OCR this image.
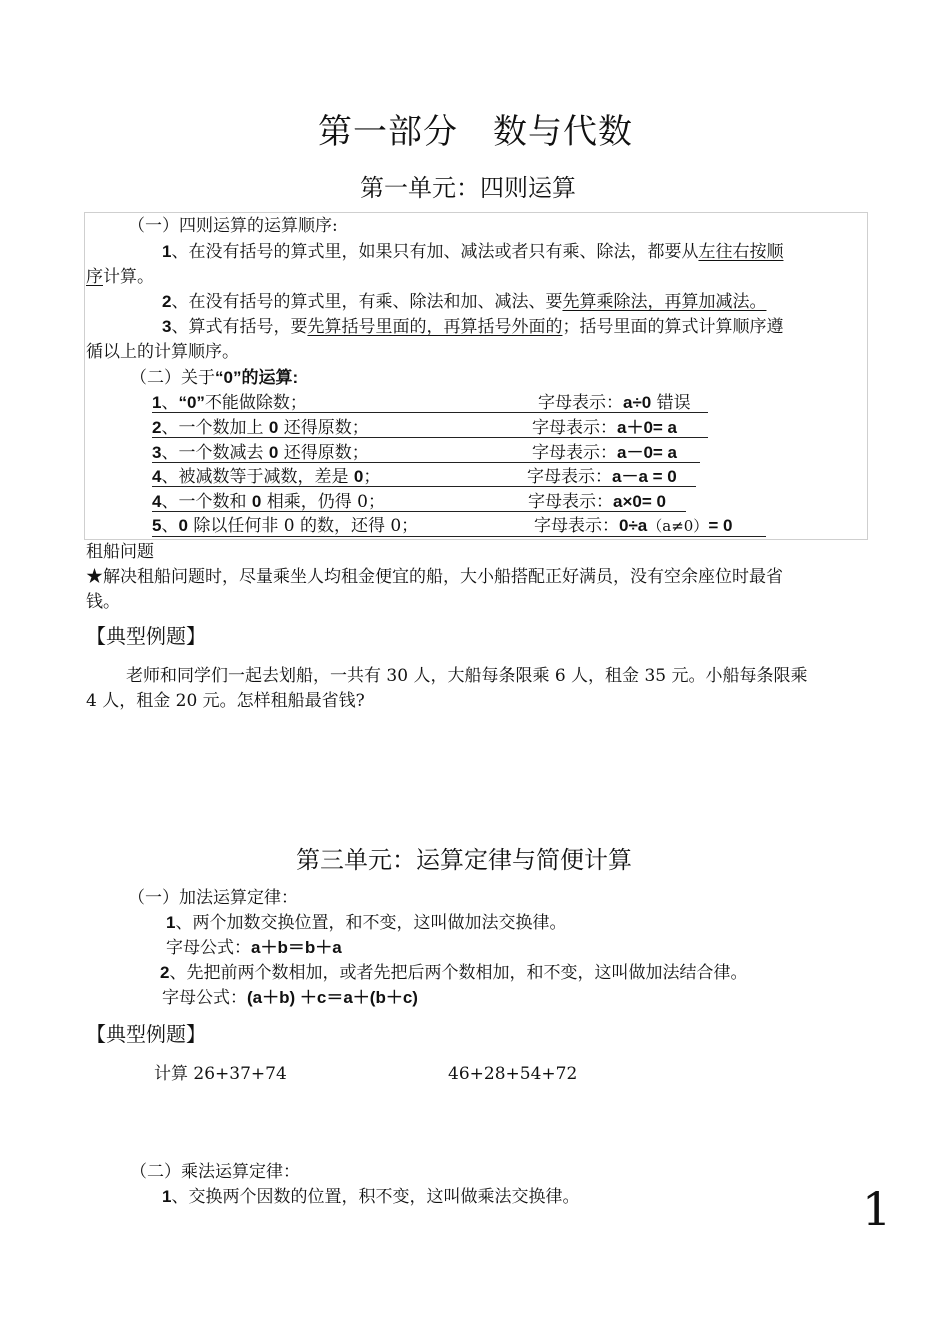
第一部分　数与代数
第一单元：四则运算
（一）四则运算的运算顺序:
1、在没有括号的算式里，如果只有加、减法或者只有乘、除法，都要从左往右按顺
序计算。
2、在没有括号的算式里，有乘、除法和加、减法、要先算乘除法，再算加减法。
3、算式有括号，要先算括号里面的，再算括号外面的；括号里面的算式计算顺序遵
循以上的计算顺序。
（二）关于“0”的运算:
1、“0”不能做除数；	字母表示：a÷0 错误
2、一个数加上 0 还得原数；	字母表示：a＋0= a
3、一个数减去 0 还得原数；	字母表示：a－0= a
4、被减数等于减数，差是 0；	字母表示：a－a = 0
4、一个数和 0 相乘，仍得 0；	字母表示：a×0= 0
5、0 除以任何非 0 的数，还得 0；	字母表示：0÷a（a≠0）= 0
租船问题
★解决租船问题时，尽量乘坐人均租金便宜的船，大小船搭配正好满员，没有空余座位时最省
钱。
【典型例题】
老师和同学们一起去划船，一共有 30 人，大船每条限乘 6 人，租金 35 元。小船每条限乘
4 人，租金 20 元。怎样租船最省钱?
第三单元：运算定律与简便计算
（一）加法运算定律：
1、两个加数交换位置，和不变，这叫做加法交换律。
字母公式：a＋b＝b＋a
2、先把前两个数相加，或者先把后两个数相加，和不变，这叫做加法结合律。
字母公式：(a＋b) ＋c＝a＋(b＋c)
【典型例题】
计算 26+37+74	46+28+54+72
（二）乘法运算定律：
1、交换两个因数的位置，积不变，这叫做乘法交换律。	1
